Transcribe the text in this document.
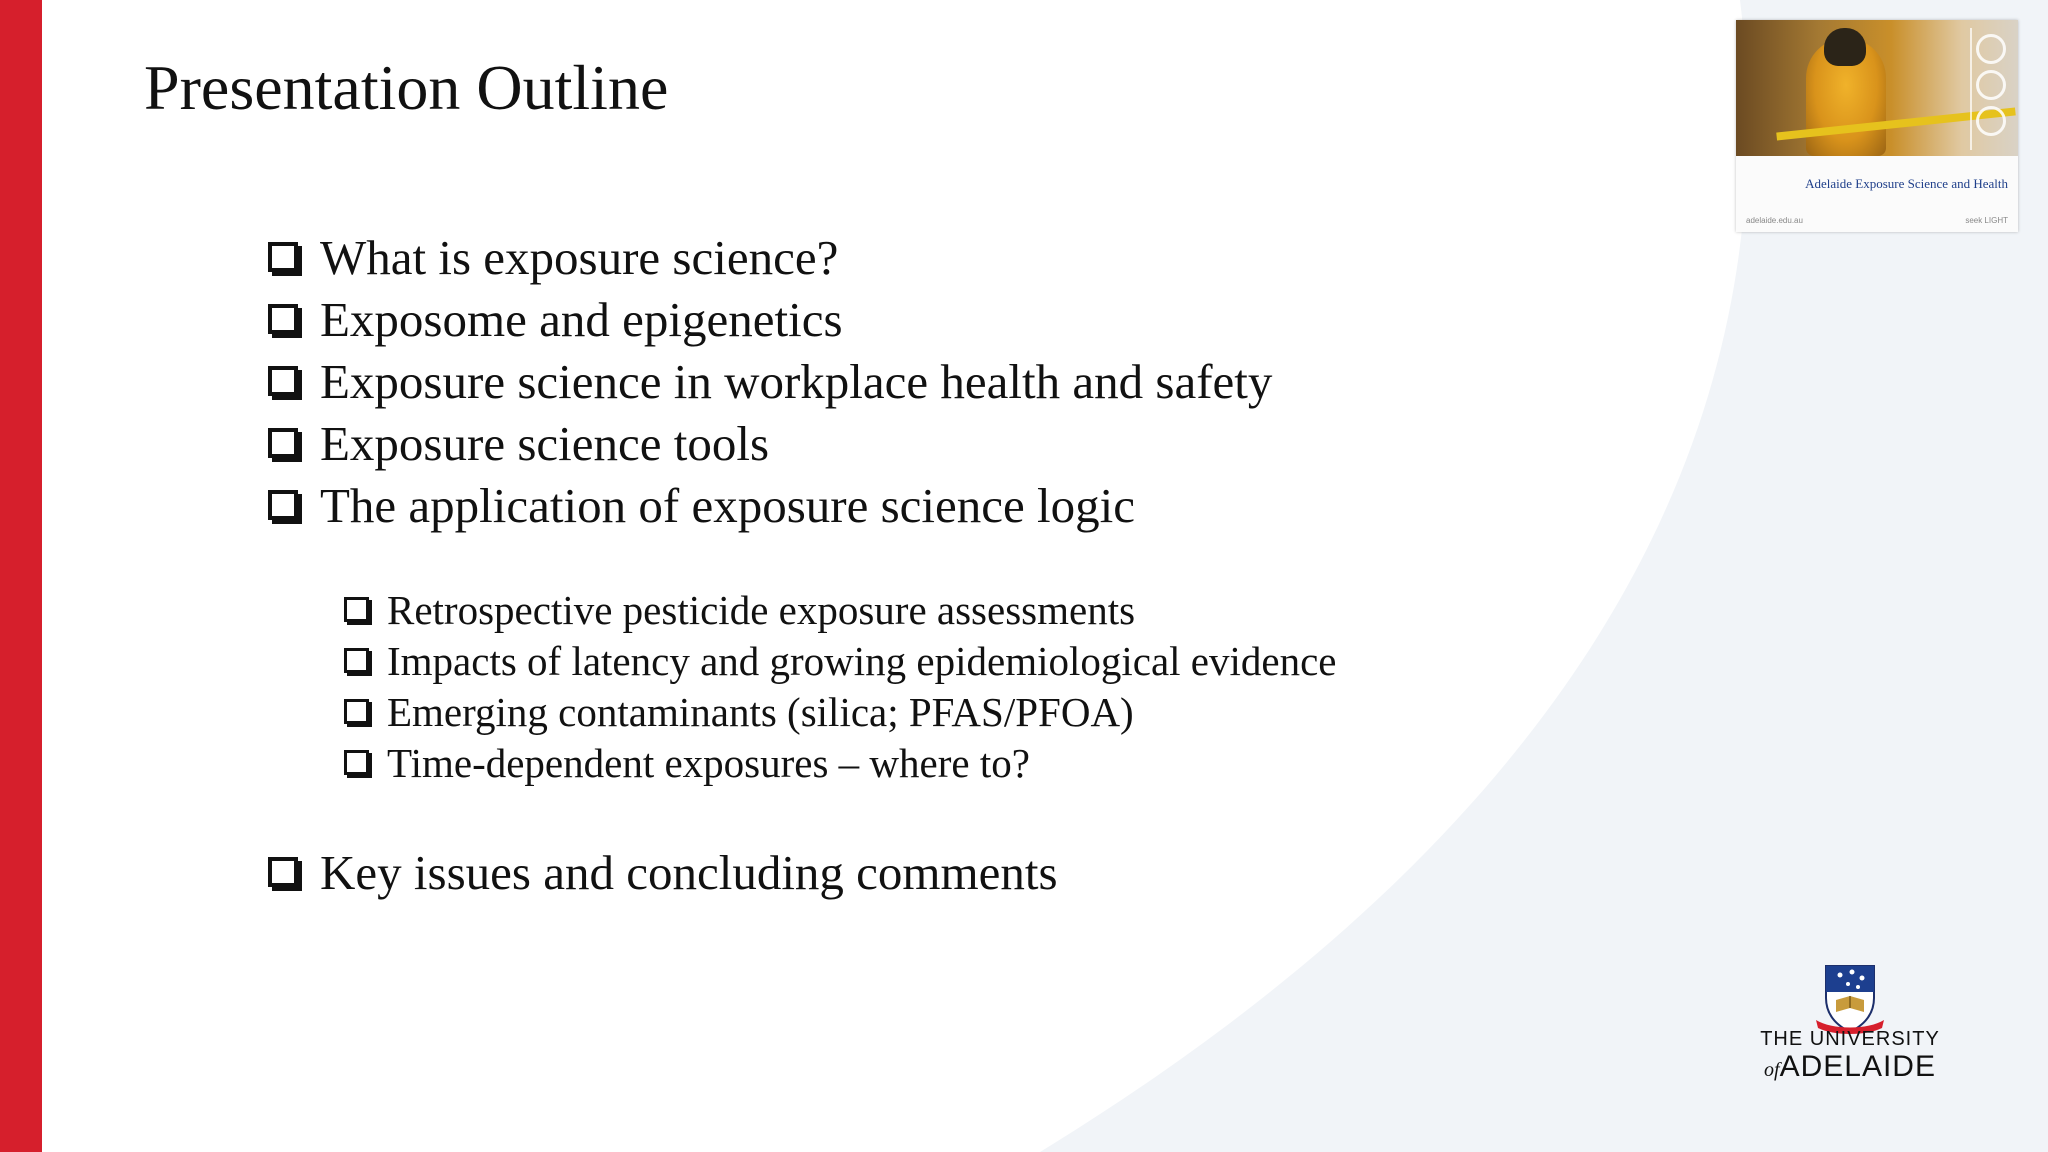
Presentation Outline
What is exposure science?
Exposome and epigenetics
Exposure science in workplace health and safety
Exposure science tools
The application of exposure science logic
Retrospective pesticide exposure assessments
Impacts of latency and growing epidemiological evidence
Emerging contaminants (silica; PFAS/PFOA)
Time-dependent exposures – where to?
Key issues and concluding comments

Adelaide Exposure Science and Health

adelaide.edu.au	seek LIGHT
THE UNIVERSITY
ofADELAIDE
